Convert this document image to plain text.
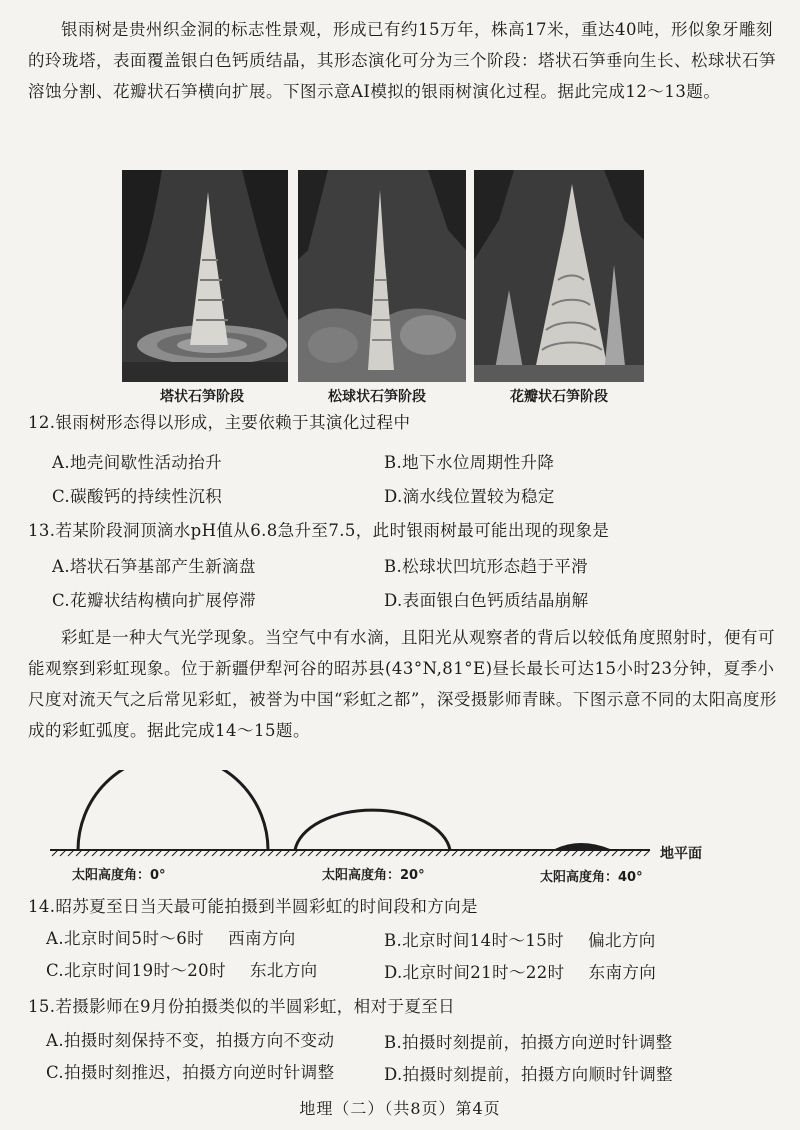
银雨树是贵州织金洞的标志性景观，形成已有约15万年，株高17米，重达40吨，形似象牙雕刻的玲珑塔，表面覆盖银白色钙质结晶，其形态演化可分为三个阶段：塔状石笋垂向生长、松球状石笋溶蚀分割、花瓣状石笋横向扩展。下图示意AI模拟的银雨树演化过程。据此完成12～13题。

塔状石笋阶段	松球状石笋阶段	花瓣状石笋阶段
12.银雨树形态得以形成，主要依赖于其演化过程中
A.地壳间歇性活动抬升	B.地下水位周期性升降
C.碳酸钙的持续性沉积	D.滴水线位置较为稳定
13.若某阶段洞顶滴水pH值从6.8急升至7.5，此时银雨树最可能出现的现象是
A.塔状石笋基部产生新滴盘	B.松球状凹坑形态趋于平滑
C.花瓣状结构横向扩展停滞	D.表面银白色钙质结晶崩解

彩虹是一种大气光学现象。当空气中有水滴，且阳光从观察者的背后以较低角度照射时，便有可能观察到彩虹现象。位于新疆伊犁河谷的昭苏县(43°N,81°E)昼长最长可达15小时23分钟，夏季小尺度对流天气之后常见彩虹，被誉为中国“彩虹之都”，深受摄影师青睐。下图示意不同的太阳高度形成的彩虹弧度。据此完成14～15题。

太阳高度角：0°	太阳高度角：20°	太阳高度角：40°
地平面
14.昭苏夏至日当天最可能拍摄到半圆彩虹的时间段和方向是
A.北京时间5时～6时 西南方向	B.北京时间14时～15时 偏北方向
C.北京时间19时～20时 东北方向	D.北京时间21时～22时 东南方向
15.若摄影师在9月份拍摄类似的半圆彩虹，相对于夏至日
A.拍摄时刻保持不变，拍摄方向不变动	B.拍摄时刻提前，拍摄方向逆时针调整
C.拍摄时刻推迟，拍摄方向逆时针调整	D.拍摄时刻提前，拍摄方向顺时针调整
地理（二）（共8页）第4页
